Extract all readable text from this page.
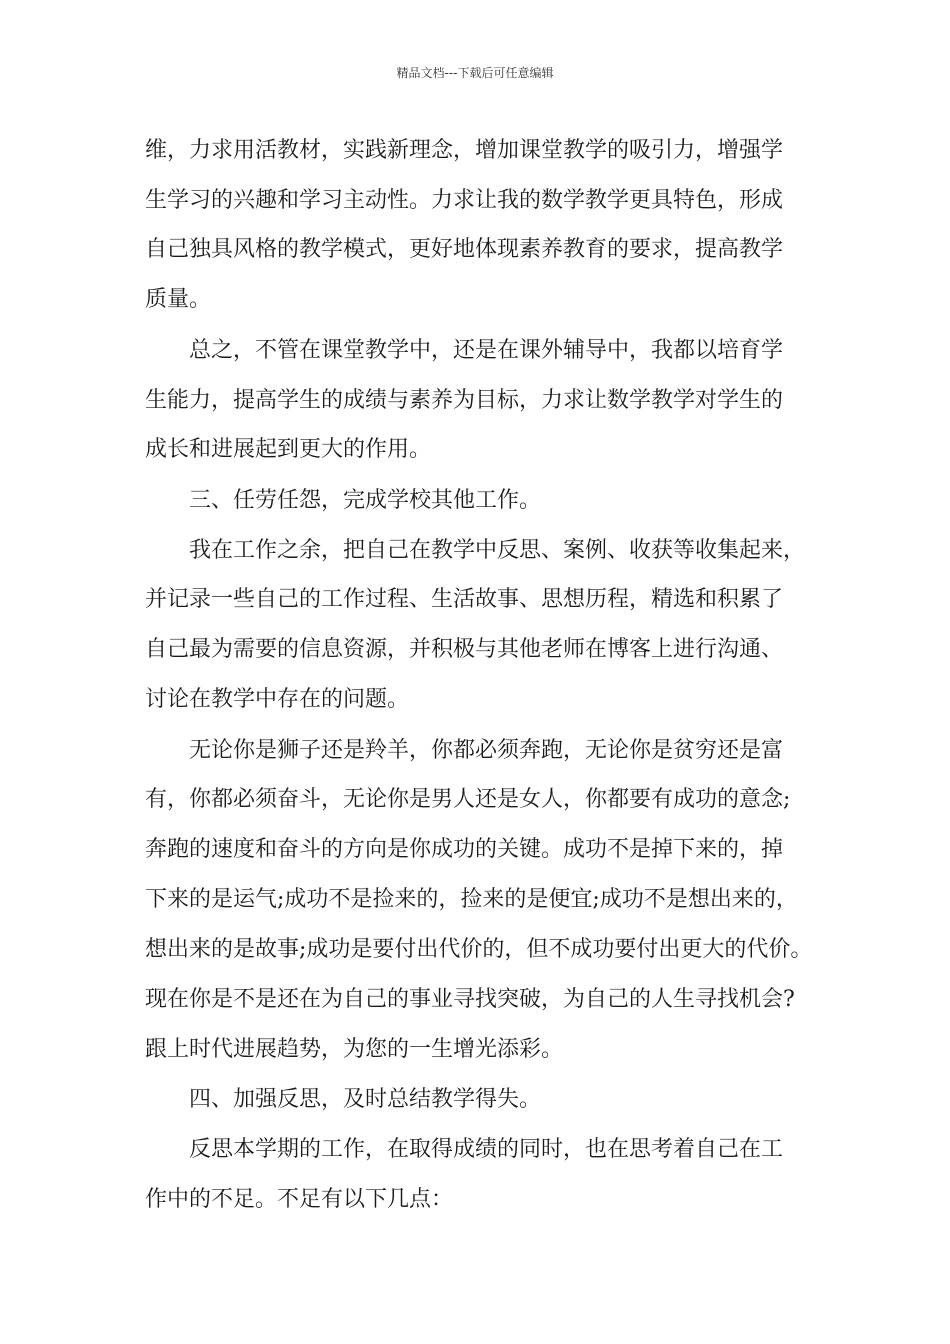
精品文档---下载后可任意编辑
维，力求用活教材，实践新理念，增加课堂教学的吸引力，增强学
生学习的兴趣和学习主动性。力求让我的数学教学更具特色，形成
自己独具风格的教学模式，更好地体现素养教育的要求，提高教学
质量。
　　总之，不管在课堂教学中，还是在课外辅导中，我都以培育学
生能力，提高学生的成绩与素养为目标，力求让数学教学对学生的
成长和进展起到更大的作用。
　　三、任劳任怨，完成学校其他工作。
　　我在工作之余，把自己在教学中反思、案例、收获等收集起来，
并记录一些自己的工作过程、生活故事、思想历程，精选和积累了
自己最为需要的信息资源，并积极与其他老师在博客上进行沟通、
讨论在教学中存在的问题。
　　无论你是狮子还是羚羊，你都必须奔跑，无论你是贫穷还是富
有，你都必须奋斗，无论你是男人还是女人，你都要有成功的意念;
奔跑的速度和奋斗的方向是你成功的关键。成功不是掉下来的，掉
下来的是运气;成功不是捡来的，捡来的是便宜;成功不是想出来的，
想出来的是故事;成功是要付出代价的，但不成功要付出更大的代价。
现在你是不是还在为自己的事业寻找突破，为自己的人生寻找机会?
跟上时代进展趋势，为您的一生增光添彩。
　　四、加强反思，及时总结教学得失。
　　反思本学期的工作，在取得成绩的同时，也在思考着自己在工
作中的不足。不足有以下几点：
